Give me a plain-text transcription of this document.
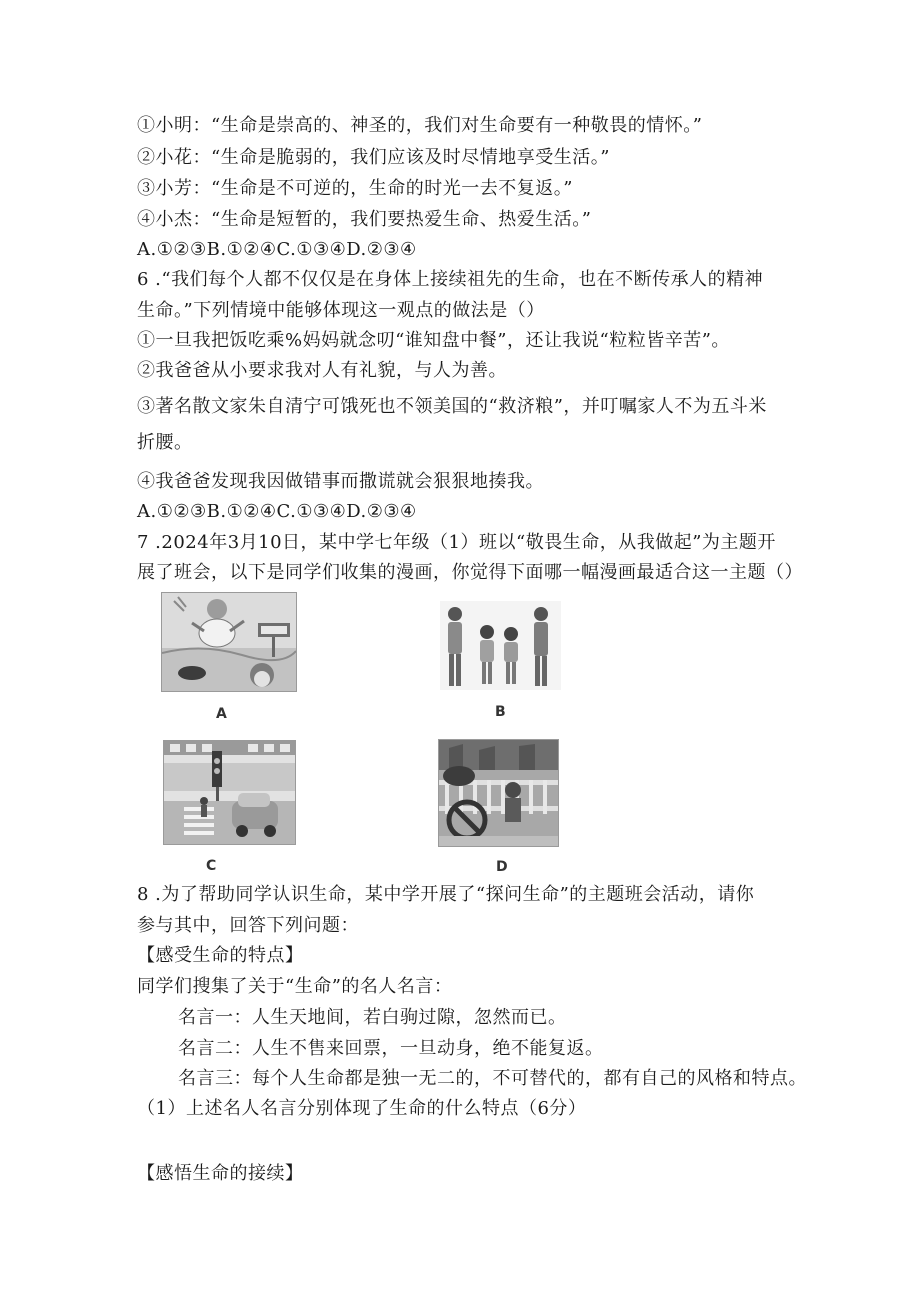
①小明：“生命是崇高的、神圣的，我们对生命要有一种敬畏的情怀。”
②小花：“生命是脆弱的，我们应该及时尽情地享受生活。”
③小芳：“生命是不可逆的，生命的时光一去不复返。”
④小杰：“生命是短暂的，我们要热爱生命、热爱生活。”
A.①②③B.①②④C.①③④D.②③④
6 .“我们每个人都不仅仅是在身体上接续祖先的生命，也在不断传承人的精神
生命。”下列情境中能够体现这一观点的做法是（）
①一旦我把饭吃乘%妈妈就念叨“谁知盘中餐”，还让我说“粒粒皆辛苦”。
②我爸爸从小要求我对人有礼貌，与人为善。
③著名散文家朱自清宁可饿死也不领美国的“救济粮”，并叮嘱家人不为五斗米
折腰。
④我爸爸发现我因做错事而撒谎就会狠狠地揍我。
A.①②③B.①②④C.①③④D.②③④
7 .2024年3月10日，某中学七年级（1）班以“敬畏生命，从我做起”为主题开
展了班会，以下是同学们收集的漫画，你觉得下面哪一幅漫画最适合这一主题（）
A	B
C	D
8 .为了帮助同学认识生命，某中学开展了“探问生命”的主题班会活动，请你
参与其中，回答下列问题：
【感受生命的特点】
同学们搜集了关于“生命”的名人名言：
名言一：人生天地间，若白驹过隙，忽然而已。
名言二：人生不售来回票，一旦动身，绝不能复返。
名言三：每个人生命都是独一无二的，不可替代的，都有自己的风格和特点。
（1）上述名人名言分别体现了生命的什么特点（6分）
【感悟生命的接续】
